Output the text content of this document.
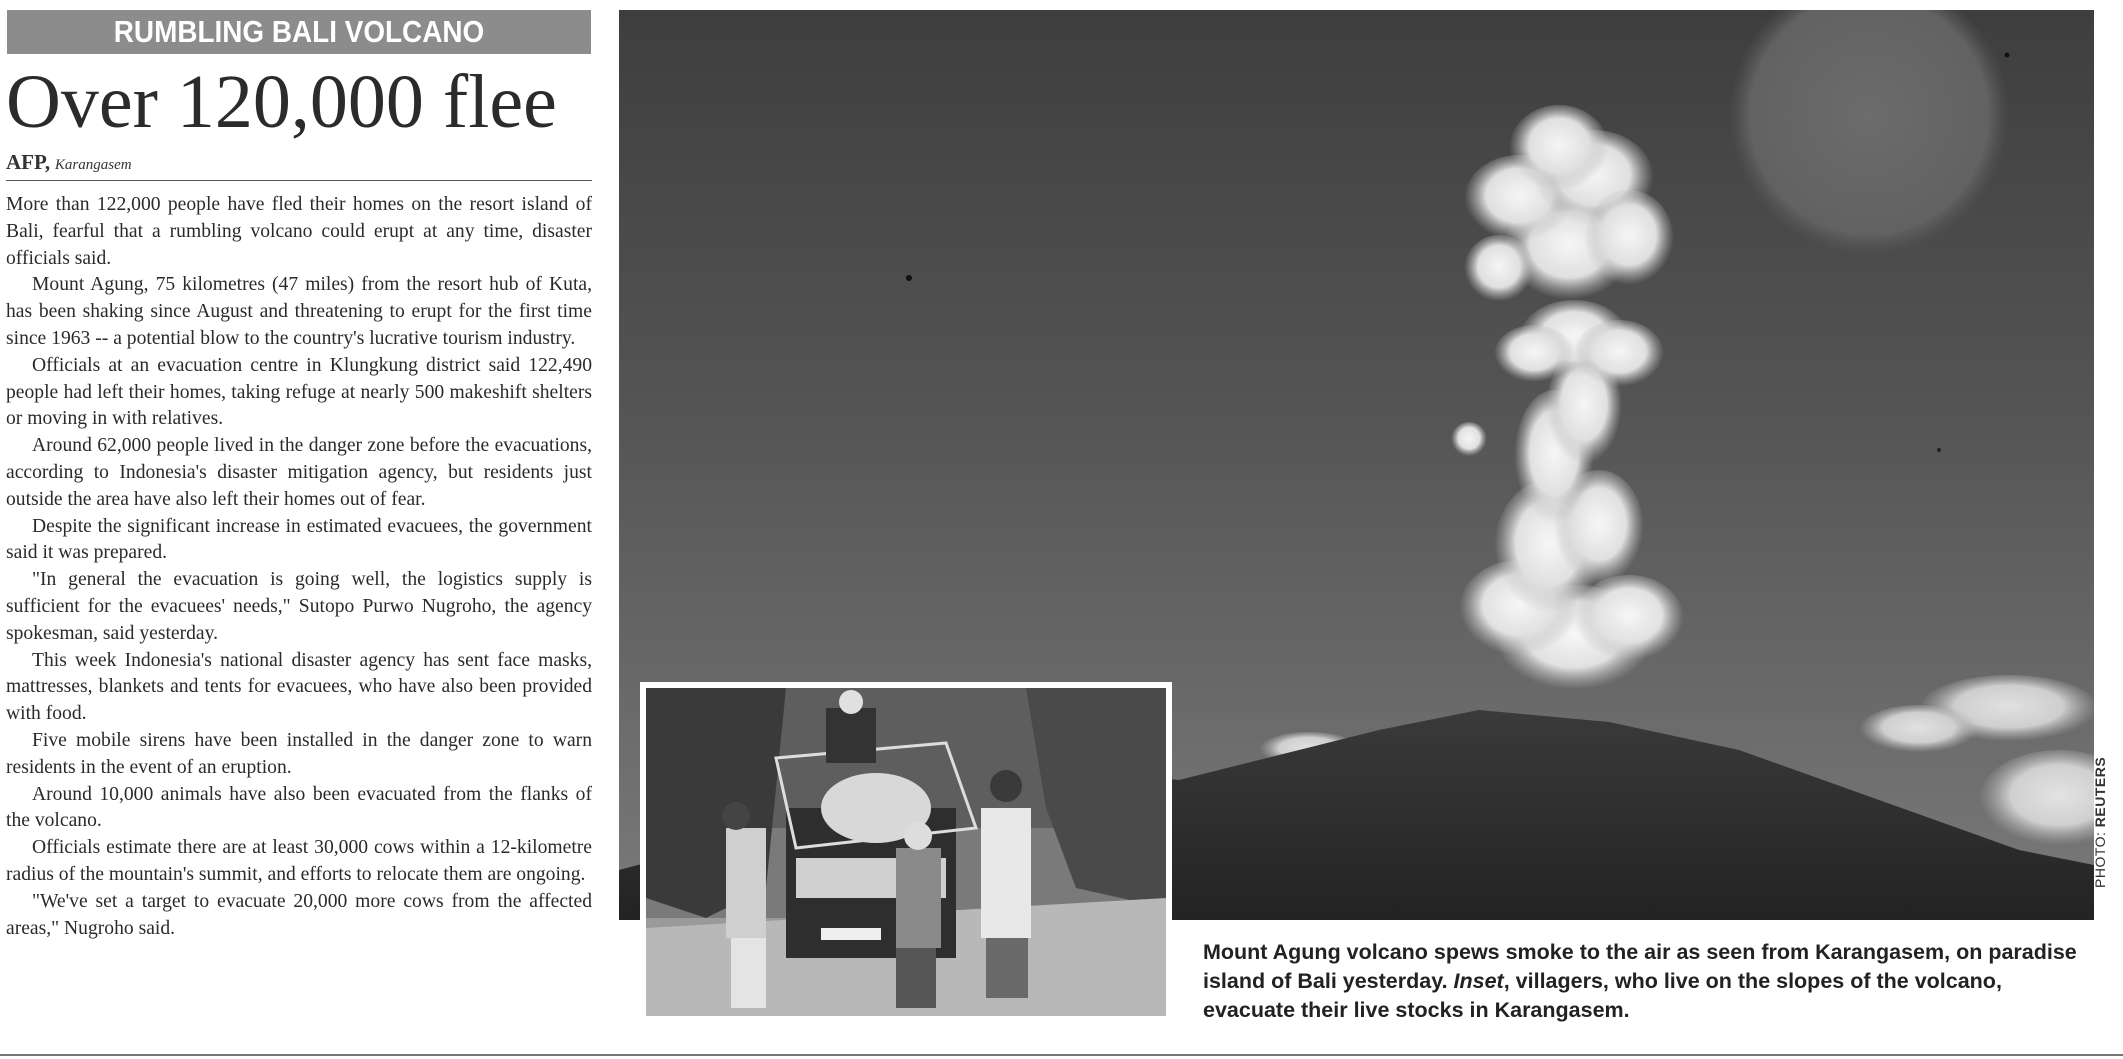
RUMBLING BALI VOLCANO
Over 120,000 flee
AFP, Karangasem

More than 122,000 people have fled their homes on the resort island of Bali, fearful that a rumbling volcano could erupt at any time, disaster officials said.

Mount Agung, 75 kilometres (47 miles) from the resort hub of Kuta, has been shaking since August and threatening to erupt for the first time since 1963 -- a potential blow to the country's lucrative tourism industry.

Officials at an evacuation centre in Klungkung district said 122,490 people had left their homes, taking refuge at nearly 500 makeshift shelters or moving in with relatives.

Around 62,000 people lived in the danger zone before the evacuations, according to Indonesia's disaster mitigation agency, but residents just outside the area have also left their homes out of fear.

Despite the significant increase in estimated evacuees, the government said it was prepared.

"In general the evacuation is going well, the logistics supply is sufficient for the evacuees' needs," Sutopo Purwo Nugroho, the agency spokesman, said yesterday.

This week Indonesia's national disaster agency has sent face masks, mattresses, blankets and tents for evacuees, who have also been provided with food.

Five mobile sirens have been installed in the danger zone to warn residents in the event of an eruption.

Around 10,000 animals have also been evacuated from the flanks of the volcano.

Officials estimate there are at least 30,000 cows within a 12-kilometre radius of the mountain's summit, and efforts to relocate them are ongoing.

"We've set a target to evacuate 20,000 more cows from the affected areas," Nugroho said.

Mount Agung volcano spews smoke to the air as seen from Karangasem, on paradise island of Bali yesterday. Inset, villagers, who live on the slopes of the volcano, evacuate their live stocks in Karangasem.
PHOTO: REUTERS
